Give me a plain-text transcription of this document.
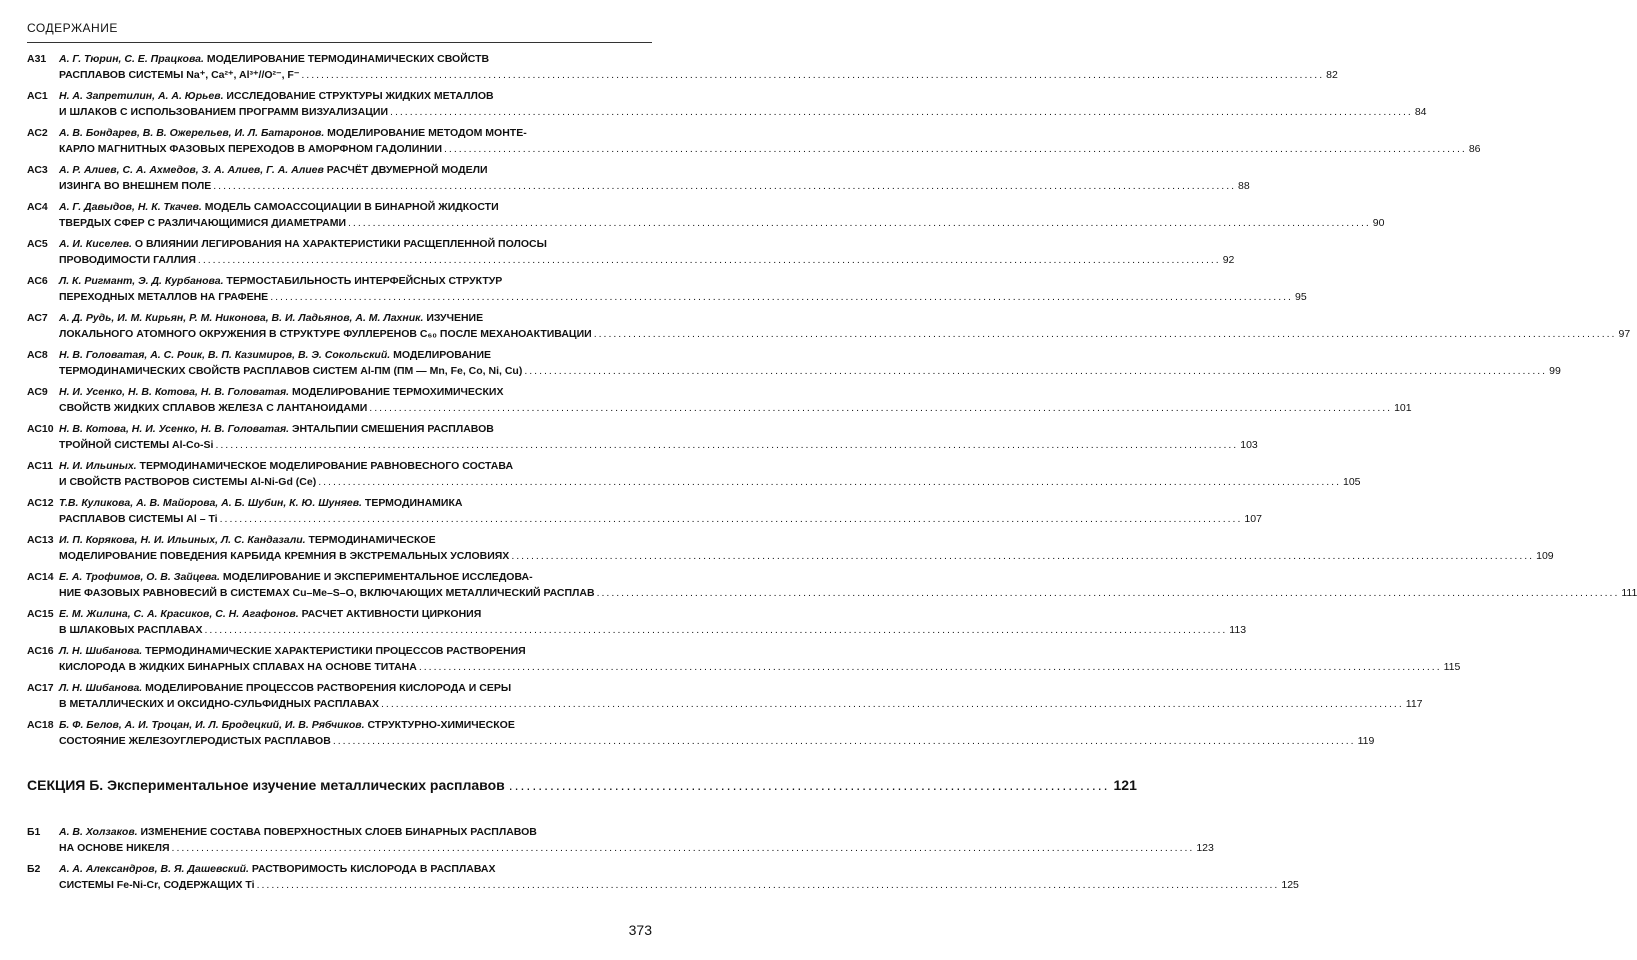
СОДЕРЖАНИЕ
А31	А. Г. Тюрин, С. Е. Працкова. МОДЕЛИРОВАНИЕ ТЕРМОДИНАМИЧЕСКИХ СВОЙСТВ
РАСПЛАВОВ СИСТЕМЫ Na⁺, Ca²⁺, Al³⁺//O²⁻, F⁻ .....	82
АС1	Н. А. Запретилин, А. А. Юрьев. ИССЛЕДОВАНИЕ СТРУКТУРЫ ЖИДКИХ МЕТАЛЛОВ
И ШЛАКОВ С ИСПОЛЬЗОВАНИЕМ ПРОГРАММ ВИЗУАЛИЗАЦИИ .....	84
АС2	А. В. Бондарев, В. В. Ожерельев, И. Л. Батаронов. МОДЕЛИРОВАНИЕ МЕТОДОМ МОНТЕ-
КАРЛО МАГНИТНЫХ ФАЗОВЫХ ПЕРЕХОДОВ В АМОРФНОМ ГАДОЛИНИИ .....	86
АС3	А. Р. Алиев, С. А. Ахмедов, З. А. Алиев, Г. А. Алиев РАСЧЁТ ДВУМЕРНОЙ МОДЕЛИ
ИЗИНГА ВО ВНЕШНЕМ ПОЛЕ .....	88
АС4	А. Г. Давыдов, Н. К. Ткачев. МОДЕЛЬ САМОАССОЦИАЦИИ В БИНАРНОЙ ЖИДКОСТИ
ТВЕРДЫХ СФЕР С РАЗЛИЧАЮЩИМИСЯ ДИАМЕТРАМИ .....	90
АС5	А. И. Киселев. О ВЛИЯНИИ ЛЕГИРОВАНИЯ НА ХАРАКТЕРИСТИКИ РАСЩЕПЛЕННОЙ ПОЛОСЫ
ПРОВОДИМОСТИ ГАЛЛИЯ .....	92
АС6	Л. К. Ригмант, Э. Д. Курбанова. ТЕРМОСТАБИЛЬНОСТЬ ИНТЕРФЕЙСНЫХ СТРУКТУР
ПЕРЕХОДНЫХ МЕТАЛЛОВ НА ГРАФЕНЕ .....	95
АС7	А. Д. Рудь, И. М. Кирьян, Р. М. Никонова, В. И. Ладьянов, А. М. Лахник. ИЗУЧЕНИЕ
ЛОКАЛЬНОГО АТОМНОГО ОКРУЖЕНИЯ В СТРУКТУРЕ ФУЛЛЕРЕНОВ C₆₀ ПОСЛЕ МЕХАНОАКТИВАЦИИ .....	97
АС8	Н. В. Головатая, А. С. Роик, В. П. Казимиров, В. Э. Сокольский. МОДЕЛИРОВАНИЕ
ТЕРМОДИНАМИЧЕСКИХ СВОЙСТВ РАСПЛАВОВ СИСТЕМ Al-ПМ (ПМ — Mn, Fe, Co, Ni, Cu) .....	99
АС9	Н. И. Усенко, Н. В. Котова, Н. В. Головатая. МОДЕЛИРОВАНИЕ ТЕРМОХИМИЧЕСКИХ
СВОЙСТВ ЖИДКИХ СПЛАВОВ ЖЕЛЕЗА С ЛАНТАНОИДАМИ .....	101
АС10 Н. В. Котова, Н. И. Усенко, Н. В. Головатая. ЭНТАЛЬПИИ СМЕШЕНИЯ РАСПЛАВОВ
ТРОЙНОЙ СИСТЕМЫ Al-Co-Si .....	103
АС11 Н. И. Ильиных. ТЕРМОДИНАМИЧЕСКОЕ МОДЕЛИРОВАНИЕ РАВНОВЕСНОГО СОСТАВА
И СВОЙСТВ РАСТВОРОВ СИСТЕМЫ Al-Ni-Gd (Ce) .....	105
АС12 Т.В. Куликова, А. В. Майорова, А. Б. Шубин, К. Ю. Шуняев. ТЕРМОДИНАМИКА
РАСПЛАВОВ СИСТЕМЫ Al – Ti .....	107
АС13 И. П. Корякова, Н. И. Ильиных, Л. С. Кандазали. ТЕРМОДИНАМИЧЕСКОЕ
МОДЕЛИРОВАНИЕ ПОВЕДЕНИЯ КАРБИДА КРЕМНИЯ В ЭКСТРЕМАЛЬНЫХ УСЛОВИЯХ .....	109
АС14 Е. А. Трофимов, О. В. Зайцева. МОДЕЛИРОВАНИЕ И ЭКСПЕРИМЕНТАЛЬНОЕ ИССЛЕДОВА-
НИЕ ФАЗОВЫХ РАВНОВЕСИЙ В СИСТЕМАХ Cu–Me–S–O, ВКЛЮЧАЮЩИХ МЕТАЛЛИЧЕСКИЙ РАСПЛАВ .....	111
АС15 Е. М. Жилина, С. А. Красиков, С. Н. Агафонов. РАСЧЕТ АКТИВНОСТИ ЦИРКОНИЯ
В ШЛАКОВЫХ РАСПЛАВАХ .....	113
АС16 Л. Н. Шибанова. ТЕРМОДИНАМИЧЕСКИЕ ХАРАКТЕРИСТИКИ ПРОЦЕССОВ РАСТВОРЕНИЯ
КИСЛОРОДА В ЖИДКИХ БИНАРНЫХ СПЛАВАХ НА ОСНОВЕ ТИТАНА .....	115
АС17 Л. Н. Шибанова. МОДЕЛИРОВАНИЕ ПРОЦЕССОВ РАСТВОРЕНИЯ КИСЛОРОДА И СЕРЫ
В МЕТАЛЛИЧЕСКИХ И ОКСИДНО-СУЛЬФИДНЫХ РАСПЛАВАХ .....	117
АС18 Б. Ф. Белов, А. И. Троцан, И. Л. Бродецкий, И. В. Рябчиков. СТРУКТУРНО-ХИМИЧЕСКОЕ
СОСТОЯНИЕ ЖЕЛЕЗОУГЛЕРОДИСТЫХ РАСПЛАВОВ .....	119
СЕКЦИЯ Б. Экспериментальное изучение металлических расплавов .....	121
Б1	А. В. Холзаков. ИЗМЕНЕНИЕ СОСТАВА ПОВЕРХНОСТНЫХ СЛОЕВ БИНАРНЫХ РАСПЛАВОВ
НА ОСНОВЕ НИКЕЛЯ .....	123
Б2	А. А. Александров, В. Я. Дашевский. РАСТВОРИМОСТЬ КИСЛОРОДА В РАСПЛАВАХ
СИСТЕМЫ Fe-Ni-Cr, СОДЕРЖАЩИХ Ti .....	125
373
